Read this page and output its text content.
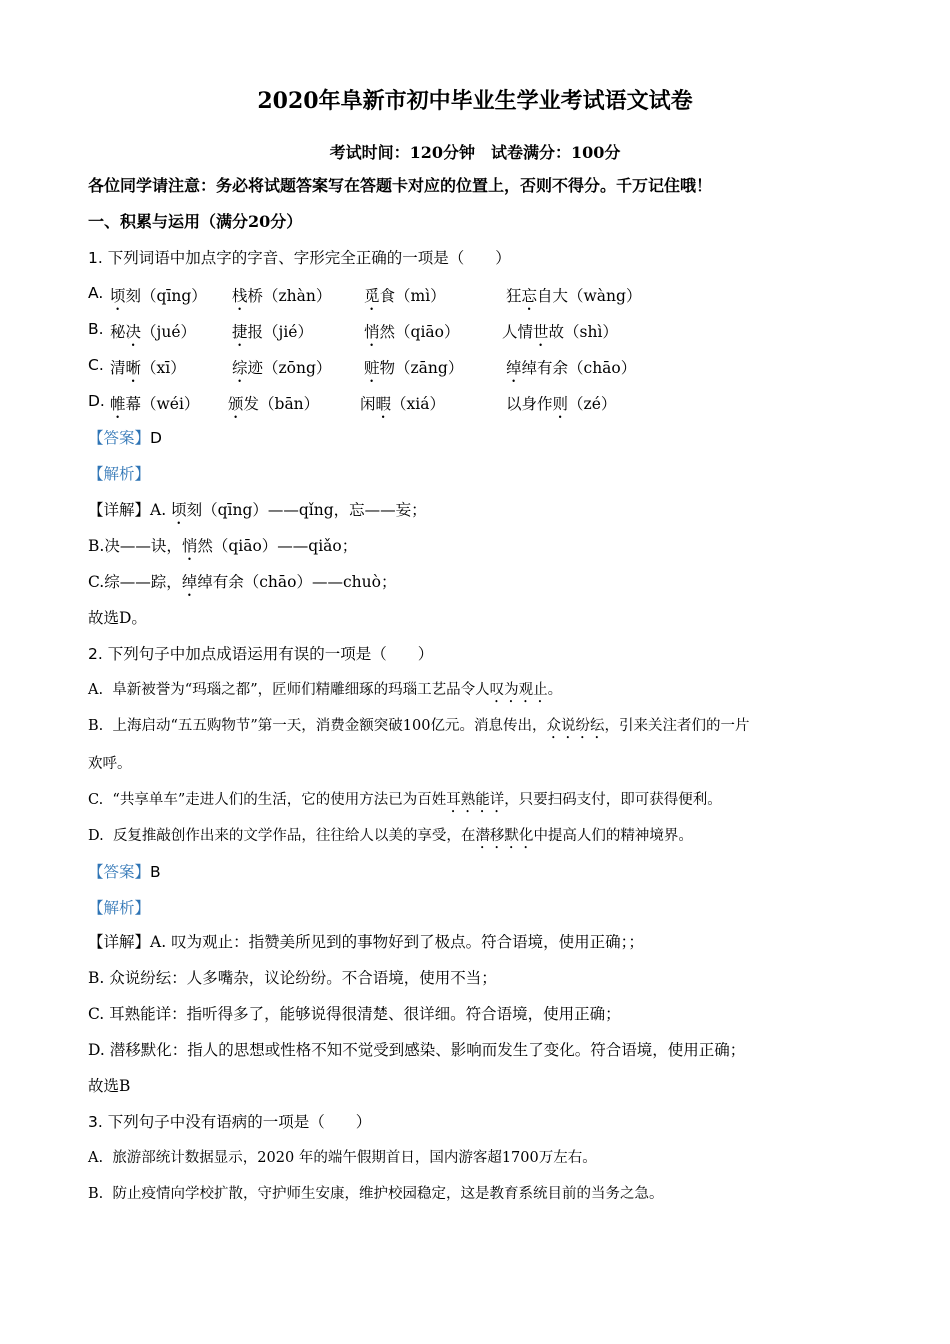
2020年阜新市初中毕业生学业考试语文试卷
考试时间：120分钟　试卷满分：100分
各位同学请注意：务必将试题答案写在答题卡对应的位置上，否则不得分。千万记住哦！
一、积累与运用（满分20分）
1. 下列词语中加点字的字音、字形完全正确的一项是（　　）
A. 顷刻（qīng） 栈桥（zhàn） 觅食（mì）	狂忘自大（wàng）
B. 秘决（jué） 捷报（jié）	悄然（qiāo）	人情世故（shì）
C. 清晰（xī）	综迹（zōng） 赃物（zāng）	绰绰有余（chāo）
D. 帷幕（wéi） 颁发（bān）	闲暇（xiá）	以身作则（zé）
【答案】D
【解析】
【详解】A. 顷刻（qīng）——qǐng，忘——妄；
B.决——诀，悄然（qiāo）——qiǎo；
C.综——踪，绰绰有余（chāo）——chuò；
故选D。
2. 下列句子中加点成语运用有误的一项是（　　）
A. 阜新被誉为“玛瑙之都”，匠师们精雕细琢的玛瑙工艺品令人叹为观止。
B. 上海启动“五五购物节”第一天，消费金额突破100亿元。消息传出，众说纷纭，引来关注者们的一片
欢呼。
C. “共享单车”走进人们的生活，它的使用方法已为百姓耳熟能详，只要扫码支付，即可获得便利。
D. 反复推敲创作出来的文学作品，往往给人以美的享受，在潜移默化中提高人们的精神境界。
【答案】B
【解析】
【详解】A. 叹为观止：指赞美所见到的事物好到了极点。符合语境，使用正确；；
B. 众说纷纭：人多嘴杂，议论纷纷。不合语境，使用不当；
C. 耳熟能详：指听得多了，能够说得很清楚、很详细。符合语境，使用正确；
D. 潜移默化：指人的思想或性格不知不觉受到感染、影响而发生了变化。符合语境，使用正确；
故选B
3. 下列句子中没有语病的一项是（　　）
A. 旅游部统计数据显示，2020 年的端午假期首日，国内游客超1700万左右。
B. 防止疫情向学校扩散，守护师生安康，维护校园稳定，这是教育系统目前的当务之急。
